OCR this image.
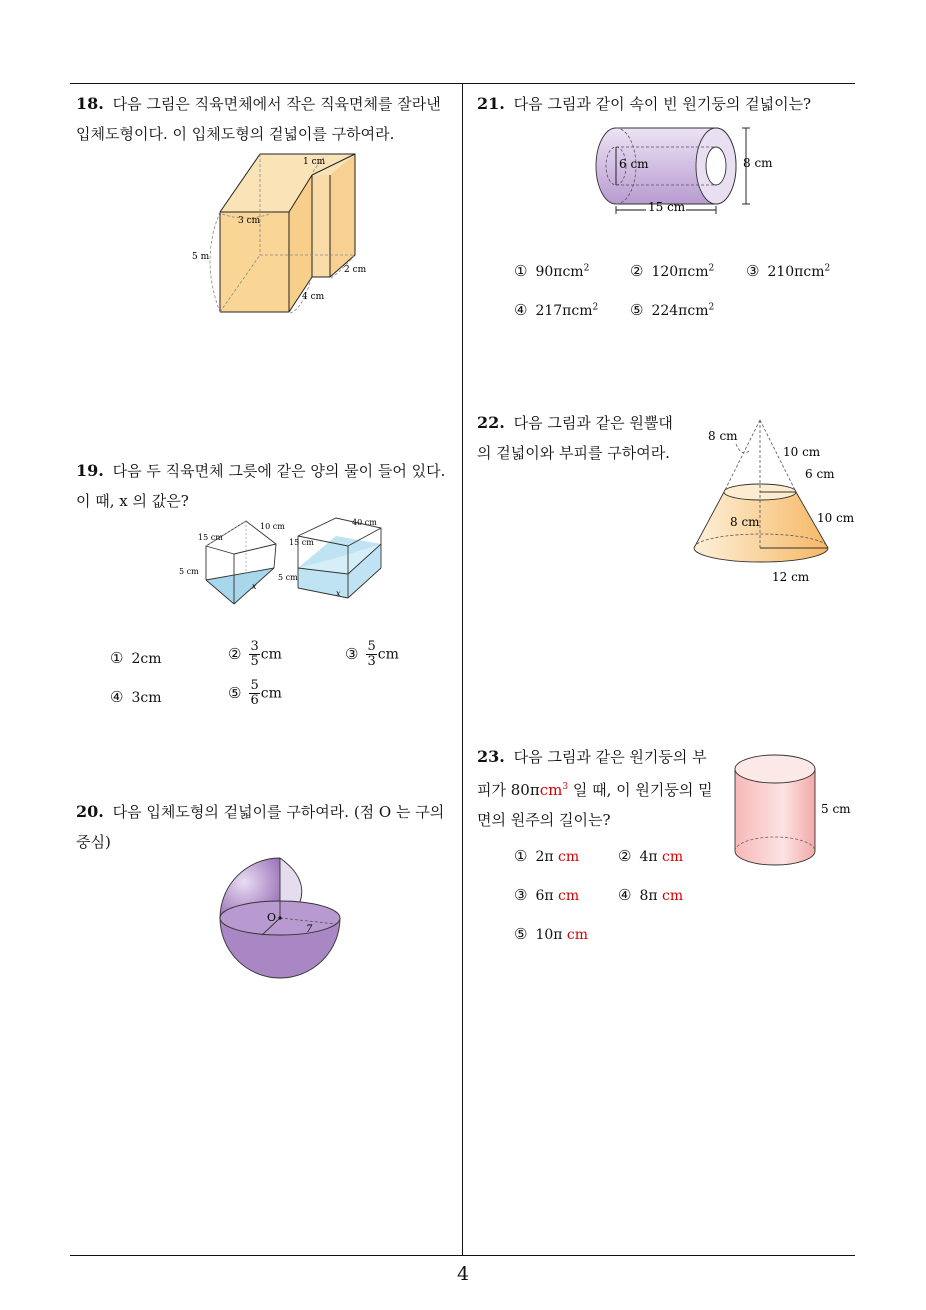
18. 다음 그림은 직육면체에서 작은 직육면체를 잘라낸 입체도형이다. 이 입체도형의 겉넓이를 구하여라.
1 cm
3 cm
5 m
2 cm
4 cm
19. 다음 두 직육면체 그릇에 같은 양의 물이 들어 있다. 이 때, x 의 값은?
15 cm
10 cm
5 cm
x
15 cm
40 cm
5 cm
x
① 2cm	② $\frac{3}{5}$ cm	③ $\frac{5}{3}$ cm
④ 3cm	⑤ $\frac{5}{6}$ cm
20. 다음 입체도형의 겉넓이를 구하여라. (점 O 는 구의 중심)
O
7
21. 다음 그림과 같이 속이 빈 원기둥의 겉넓이는?
6 cm	8 cm
15 cm
① 90πcm$^2$	② 120πcm$^2$ ③ 210πcm$^2$
④ 217πcm$^2$ ⑤ 224πcm$^2$
22. 다음 그림과 같은 원뿔대의 겉넓이와 부피를 구하여라.
8 cm
10 cm
6 cm
8 cm	10 cm
12 cm
23. 다음 그림과 같은 원기둥의 부피가 80πcm$^3$ 일 때, 이 원기둥의 밑면의 원주의 길이는?
5 cm
① 2π cm	② 4π cm
③ 6π cm	④ 8π cm
⑤ 10π cm
4
